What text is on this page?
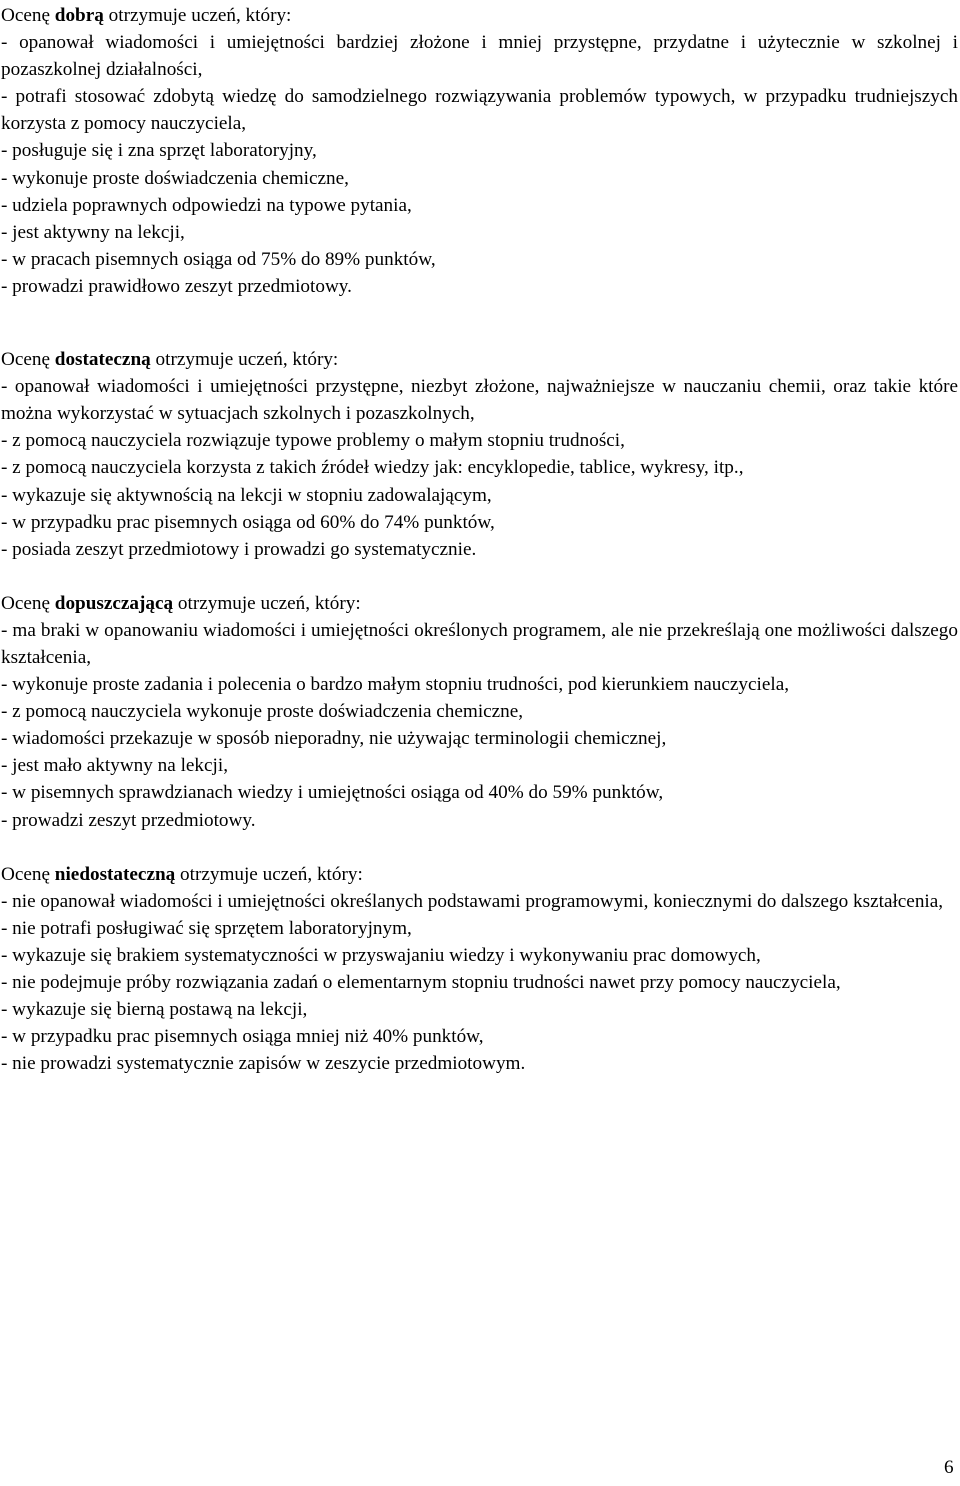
Ocenę dobrą otrzymuje uczeń, który:
- opanował wiadomości i umiejętności bardziej złożone i mniej przystępne, przydatne i użytecznie w szkolnej i pozaszkolnej działalności,
- potrafi stosować zdobytą wiedzę do samodzielnego rozwiązywania problemów typowych, w przypadku trudniejszych korzysta z pomocy nauczyciela,
- posługuje się i zna sprzęt laboratoryjny,
- wykonuje proste doświadczenia chemiczne,
- udziela poprawnych odpowiedzi na typowe pytania,
- jest aktywny na lekcji,
- w pracach pisemnych osiąga od 75% do 89% punktów,
- prowadzi prawidłowo zeszyt przedmiotowy.
Ocenę dostateczną otrzymuje uczeń, który:
- opanował wiadomości i umiejętności przystępne, niezbyt złożone, najważniejsze w nauczaniu chemii, oraz takie które można wykorzystać w sytuacjach szkolnych i pozaszkolnych,
- z pomocą nauczyciela rozwiązuje typowe problemy o małym stopniu trudności,
- z pomocą nauczyciela korzysta z takich źródeł wiedzy jak: encyklopedie, tablice, wykresy, itp.,
- wykazuje się aktywnością na lekcji w stopniu zadowalającym,
- w przypadku prac pisemnych osiąga od 60% do 74% punktów,
- posiada zeszyt przedmiotowy i prowadzi go systematycznie.
Ocenę dopuszczającą otrzymuje uczeń, który:
- ma braki w opanowaniu wiadomości i umiejętności określonych programem, ale nie przekreślają one możliwości dalszego kształcenia,
- wykonuje proste zadania i polecenia o bardzo małym stopniu trudności, pod kierunkiem nauczyciela,
- z pomocą nauczyciela wykonuje proste doświadczenia chemiczne,
- wiadomości przekazuje w sposób nieporadny, nie używając terminologii chemicznej,
- jest mało aktywny na lekcji,
- w pisemnych sprawdzianach wiedzy i umiejętności osiąga od 40% do 59% punktów,
- prowadzi zeszyt przedmiotowy.
Ocenę niedostateczną otrzymuje uczeń, który:
- nie opanował wiadomości i umiejętności określanych podstawami programowymi, koniecznymi do dalszego kształcenia,
- nie potrafi posługiwać się sprzętem laboratoryjnym,
- wykazuje się brakiem systematyczności w przyswajaniu wiedzy i wykonywaniu prac domowych,
- nie podejmuje próby rozwiązania zadań o elementarnym stopniu trudności nawet przy pomocy nauczyciela,
- wykazuje się bierną postawą na lekcji,
- w przypadku prac pisemnych osiąga mniej niż 40% punktów,
- nie prowadzi systematycznie zapisów w zeszycie przedmiotowym.
6
